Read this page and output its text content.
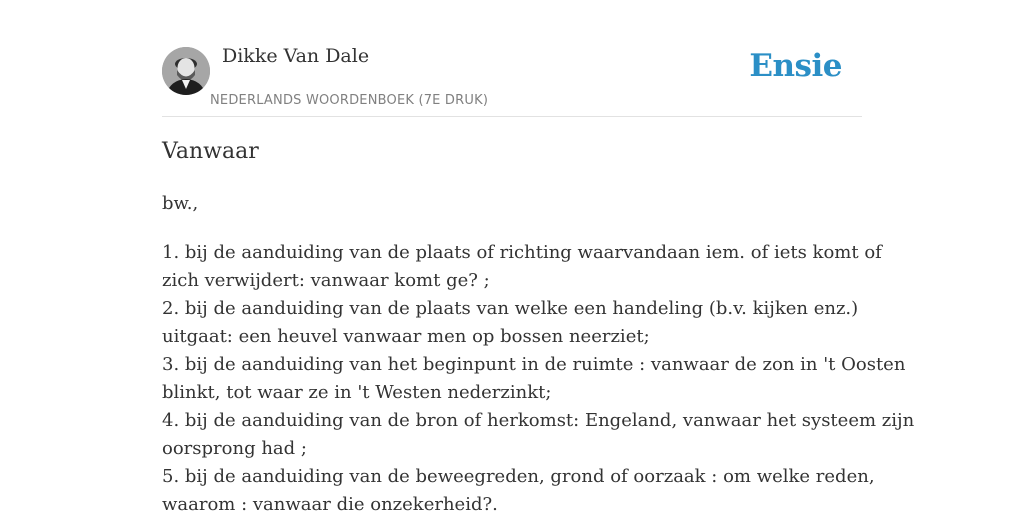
Dikke Van Dale
NEDERLANDS WOORDENBOEK (7E DRUK)
Ensie
Vanwaar
bw.,
1. bij de aanduiding van de plaats of richting waarvandaan iem. of iets komt of
zich verwijdert: vanwaar komt ge? ;
2. bij de aanduiding van de plaats van welke een handeling (b.v. kijken enz.)
uitgaat: een heuvel vanwaar men op bossen neerziet;
3. bij de aanduiding van het beginpunt in de ruimte : vanwaar de zon in 't Oosten
blinkt, tot waar ze in 't Westen nederzinkt;
4. bij de aanduiding van de bron of herkomst: Engeland, vanwaar het systeem zijn
oorsprong had ;
5. bij de aanduiding van de beweegreden, grond of oorzaak : om welke reden,
waarom : vanwaar die onzekerheid?.
